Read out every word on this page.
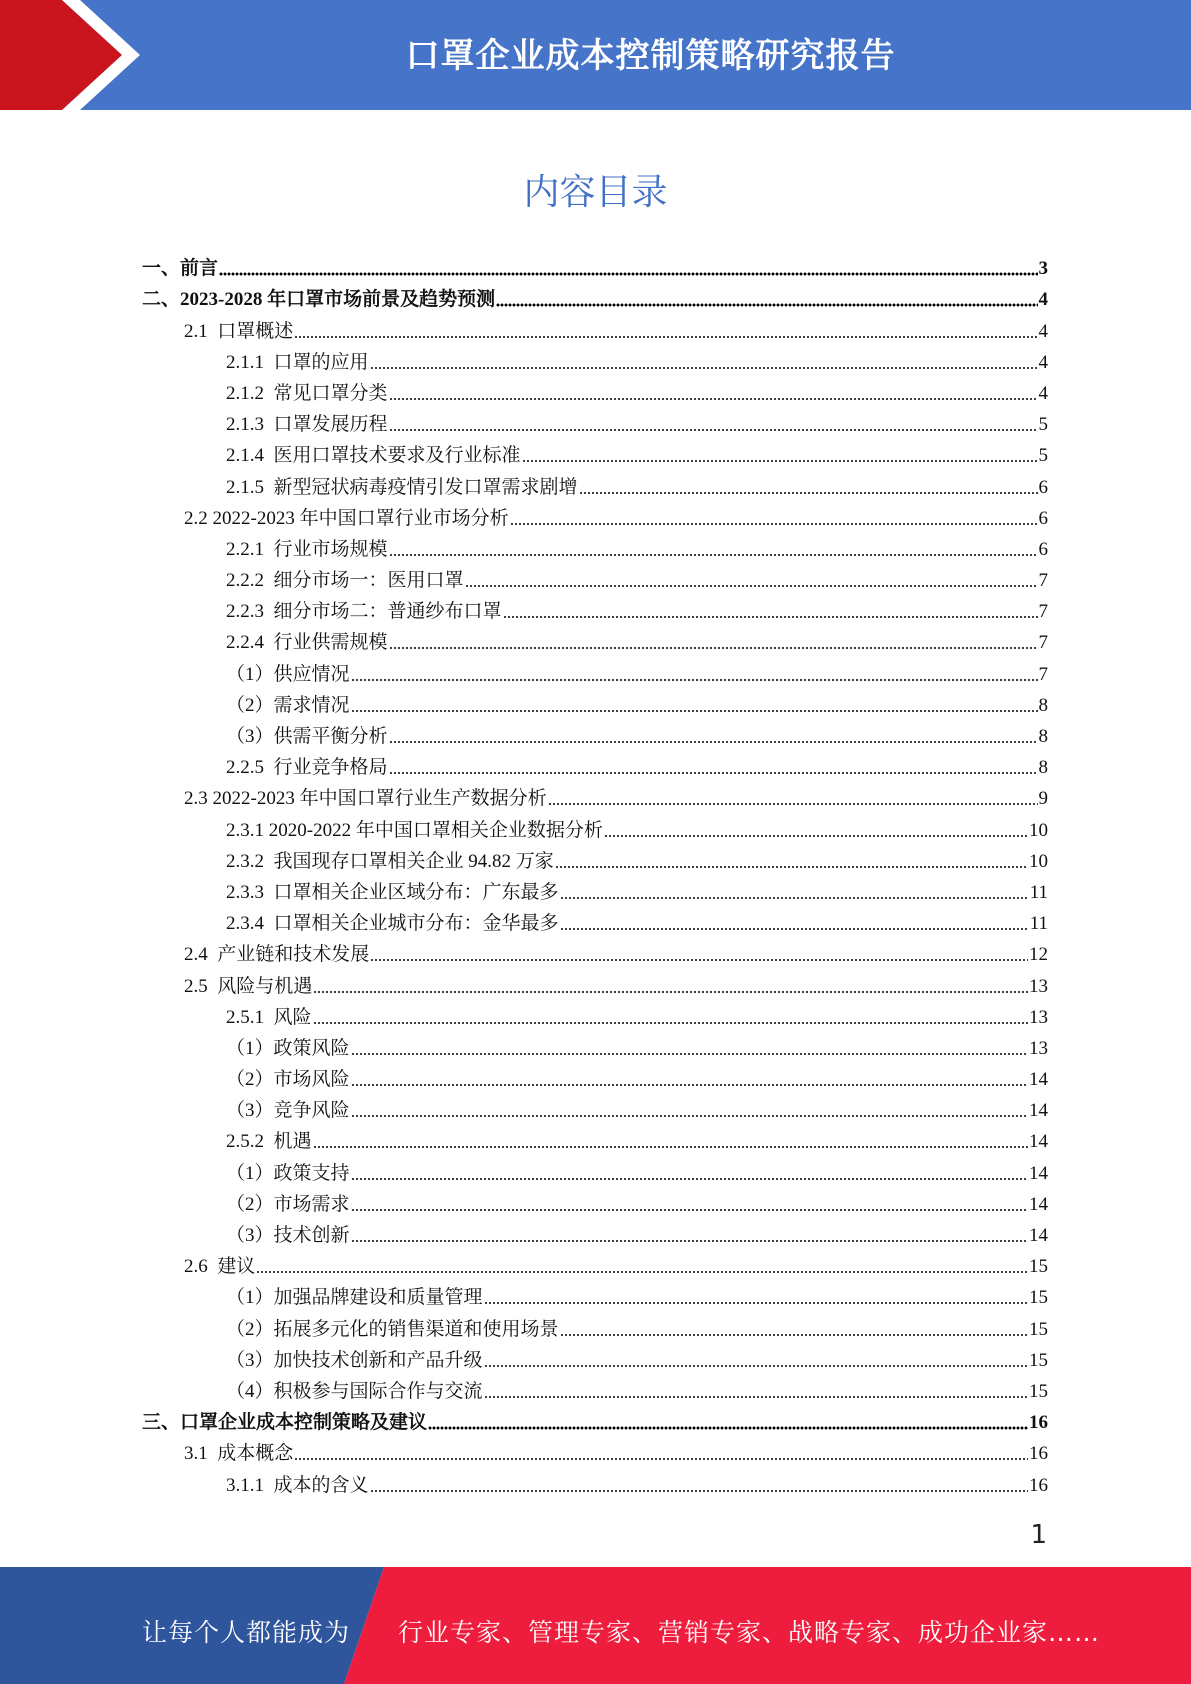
口罩企业成本控制策略研究报告
内容目录
一、 前言	3
二、 2023-2028 年口罩市场前景及趋势预测	4
2.1 口罩概述	4
2.1.1 口罩的应用	4
2.1.2 常见口罩分类	4
2.1.3 口罩发展历程	5
2.1.4 医用口罩技术要求及行业标准	5
2.1.5 新型冠状病毒疫情引发口罩需求剧增	6
2.2 2022-2023 年中国口罩行业市场分析	6
2.2.1 行业市场规模	6
2.2.2 细分市场一：医用口罩	7
2.2.3 细分市场二：普通纱布口罩	7
2.2.4 行业供需规模	7
（1） 供应情况	7
（2） 需求情况	8
（3） 供需平衡分析	8
2.2.5 行业竞争格局	8
2.3 2022-2023 年中国口罩行业生产数据分析	9
2.3.1 2020-2022 年中国口罩相关企业数据分析	10
2.3.2 我国现存口罩相关企业 94.82 万家	10
2.3.3 口罩相关企业区域分布：广东最多	11
2.3.4 口罩相关企业城市分布：金华最多	11
2.4 产业链和技术发展	12
2.5 风险与机遇	13
2.5.1 风险	13
（1） 政策风险	13
（2） 市场风险	14
（3） 竞争风险	14
2.5.2 机遇	14
（1） 政策支持	14
（2） 市场需求	14
（3） 技术创新	14
2.6 建议	15
（1） 加强品牌建设和质量管理	15
（2） 拓展多元化的销售渠道和使用场景	15
（3） 加快技术创新和产品升级	15
（4） 积极参与国际合作与交流	15
三、 口罩企业成本控制策略及建议	16
3.1 成本概念	16
3.1.1 成本的含义	16
1
让每个人都能成为 行业专家、管理专家、营销专家、战略专家、成功企业家……
